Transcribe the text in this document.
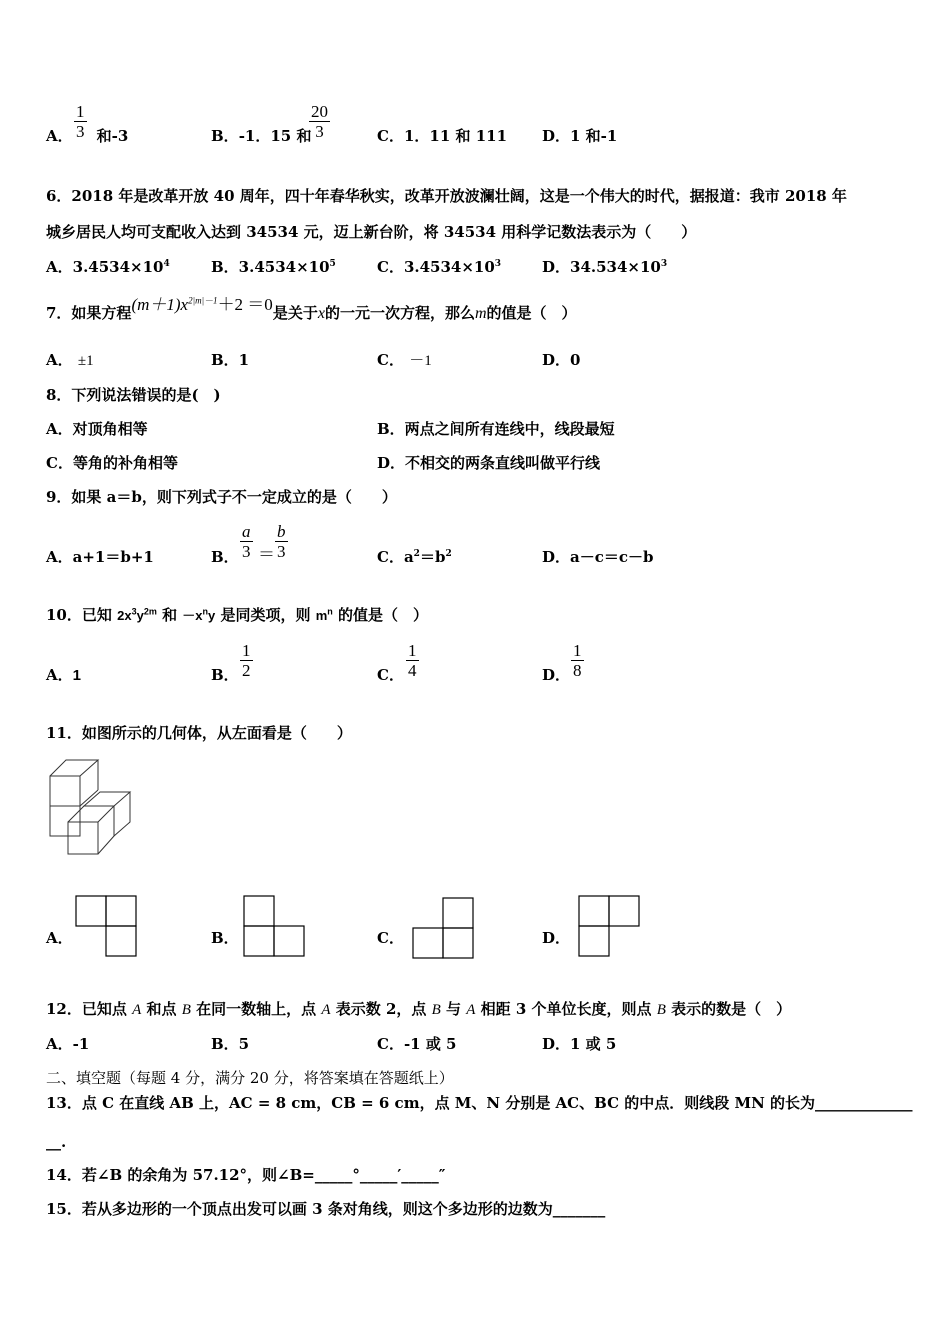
A． 和-3
1
3	B．-1．15 和
20
3	C．1．11 和 111 D．1 和-1
6．2018 年是改革开放 40 周年，四十年春华秋实，改革开放波澜壮阔，这是一个伟大的时代，据报道：我市 2018 年
城乡居民人均可支配收入达到 34534 元，迈上新台阶，将 34534 用科学记数法表示为（　　）
A．$3.4534\times 10^4$	B．$3.4534\times 10^5$	C．$3.4534\times 10^3$	D．$34.534\times 10^3$
7．如果方程$(m+1)x^{2|m|-1}+2 =0$是关于x的一元一次方程，那么m的值是（　）
A． ±1	B．1	C． －1	D．0
8．下列说法错误的是(　)
A．对顶角相等	B．两点之间所有连线中，线段最短
C．等角的补角相等	D．不相交的两条直线叫做平行线
9．如果 a＝b，则下列式子不一定成立的是（　　）
A．a+1＝b+1	B．
a
3 ＝
b
3	C．$a^2=b^2$	D．a－c＝c－b
10．已知 $2x^3y^{2m}$ 和 $-x^ny$ 是同类项，则 $m^n$ 的值是（　）
A．1	B．
1
2	C．
1
4	D．
1
8
11．如图所示的几何体，从左面看是（　　）
A．	B．	C．	D．
12．已知点 A 和点 B 在同一数轴上，点 A 表示数 2，点 B 与 A 相距 3 个单位长度，则点 B 表示的数是（　）
A．-1	B．5	C．-1 或 5	D．1 或 5
二、填空题（每题 4 分，满分 20 分，将答案填在答题纸上）
13．点 C 在直线 AB 上，AC = 8 cm，CB = 6 cm，点 M、N 分别是 AC、BC 的中点．则线段 MN 的长为_____________
__.
14．若∠B 的余角为 57.12°，则∠B=_____°_____′_____″
15．若从多边形的一个顶点出发可以画 3 条对角线，则这个多边形的边数为_______
